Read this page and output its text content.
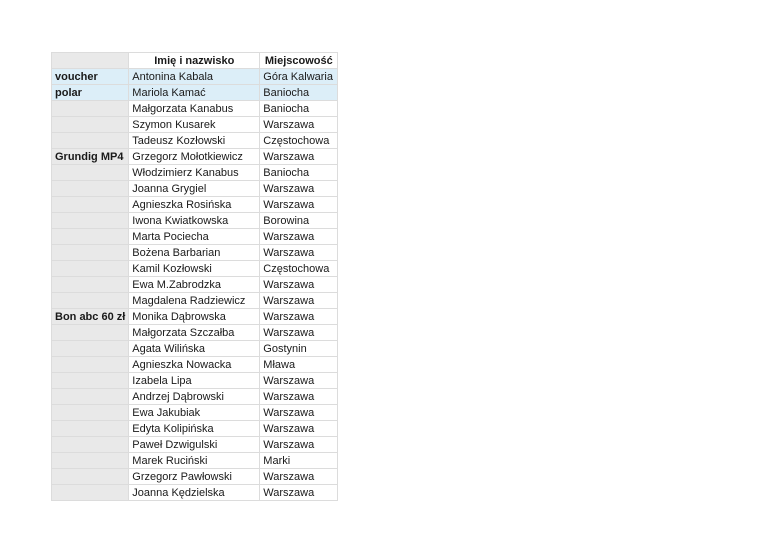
	Imię i nazwisko	Miejscowość
voucher	Antonina Kabala	Góra Kalwaria
polar	Mariola Kamać	Baniocha
	Małgorzata Kanabus	Baniocha
	Szymon Kusarek	Warszawa
	Tadeusz Kozłowski	Częstochowa
Grundig MP4	Grzegorz Mołotkiewicz	Warszawa
	Włodzimierz Kanabus	Baniocha
	Joanna Grygiel	Warszawa
	Agnieszka Rosińska	Warszawa
	Iwona Kwiatkowska	Borowina
	Marta Pociecha	Warszawa
	Bożena Barbarian	Warszawa
	Kamil Kozłowski	Częstochowa
	Ewa M.Zabrodzka	Warszawa
	Magdalena Radziewicz	Warszawa
Bon abc 60 zł	Monika Dąbrowska	Warszawa
	Małgorzata Szczałba	Warszawa
	Agata Wilińska	Gostynin
	Agnieszka Nowacka	Mława
	Izabela Lipa	Warszawa
	Andrzej Dąbrowski	Warszawa
	Ewa Jakubiak	Warszawa
	Edyta Kolipińska	Warszawa
	Paweł Dzwigulski	Warszawa
	Marek Ruciński	Marki
	Grzegorz Pawłowski	Warszawa
	Joanna Kędzielska	Warszawa
